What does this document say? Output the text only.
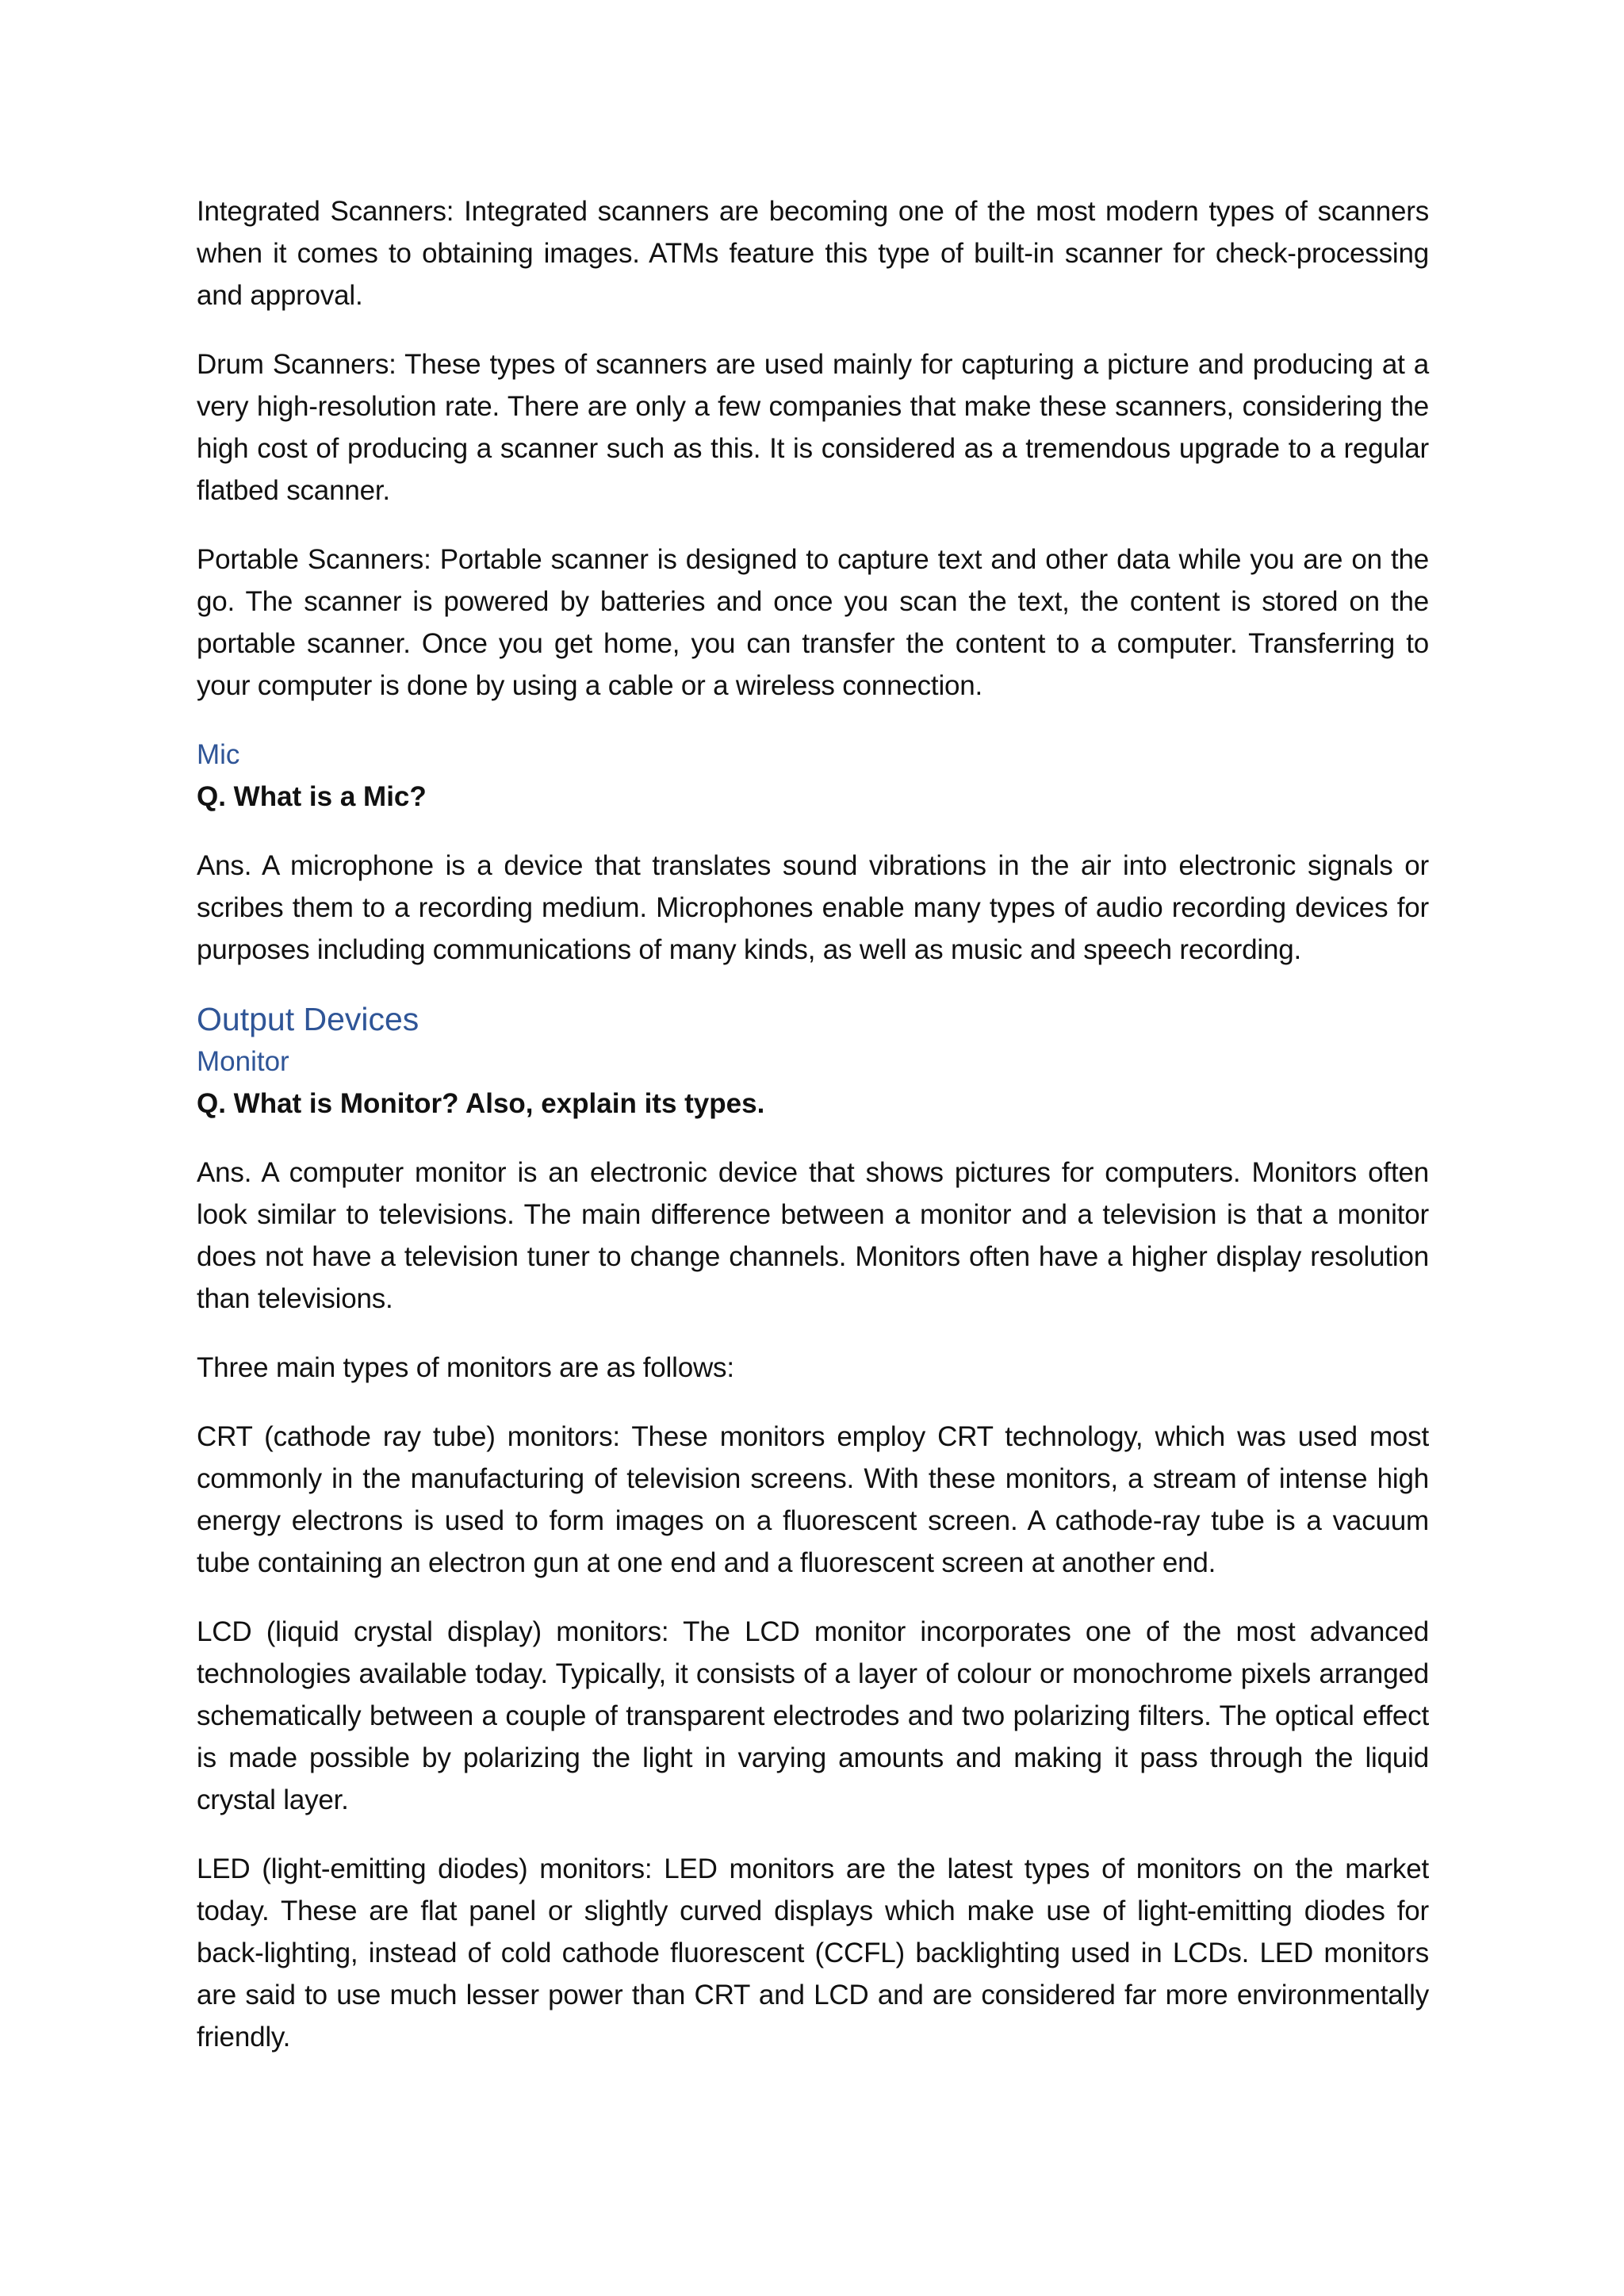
Integrated Scanners: Integrated scanners are becoming one of the most modern types of scanners when it comes to obtaining images. ATMs feature this type of built-in scanner for check-processing and approval.

Drum Scanners: These types of scanners are used mainly for capturing a picture and producing at a very high-resolution rate. There are only a few companies that make these scanners, considering the high cost of producing a scanner such as this. It is considered as a tremendous upgrade to a regular flatbed scanner.

Portable Scanners: Portable scanner is designed to capture text and other data while you are on the go. The scanner is powered by batteries and once you scan the text, the content is stored on the portable scanner. Once you get home, you can transfer the content to a computer. Transferring to your computer is done by using a cable or a wireless connection.

Mic

Q. What is a Mic?

Ans. A microphone is a device that translates sound vibrations in the air into electronic signals or scribes them to a recording medium. Microphones enable many types of audio recording devices for purposes including communications of many kinds, as well as music and speech recording.

Output Devices
Monitor

Q. What is Monitor? Also, explain its types.

Ans. A computer monitor is an electronic device that shows pictures for computers. Monitors often look similar to televisions. The main difference between a monitor and a television is that a monitor does not have a television tuner to change channels. Monitors often have a higher display resolution than televisions.

Three main types of monitors are as follows:

CRT (cathode ray tube) monitors: These monitors employ CRT technology, which was used most commonly in the manufacturing of television screens. With these monitors, a stream of intense high energy electrons is used to form images on a fluorescent screen. A cathode-ray tube is a vacuum tube containing an electron gun at one end and a fluorescent screen at another end.

LCD (liquid crystal display) monitors: The LCD monitor incorporates one of the most advanced technologies available today. Typically, it consists of a layer of colour or monochrome pixels arranged schematically between a couple of transparent electrodes and two polarizing filters. The optical effect is made possible by polarizing the light in varying amounts and making it pass through the liquid crystal layer.

LED (light-emitting diodes) monitors: LED monitors are the latest types of monitors on the market today. These are flat panel or slightly curved displays which make use of light-emitting diodes for back-lighting, instead of cold cathode fluorescent (CCFL) backlighting used in LCDs. LED monitors are said to use much lesser power than CRT and LCD and are considered far more environmentally friendly.
